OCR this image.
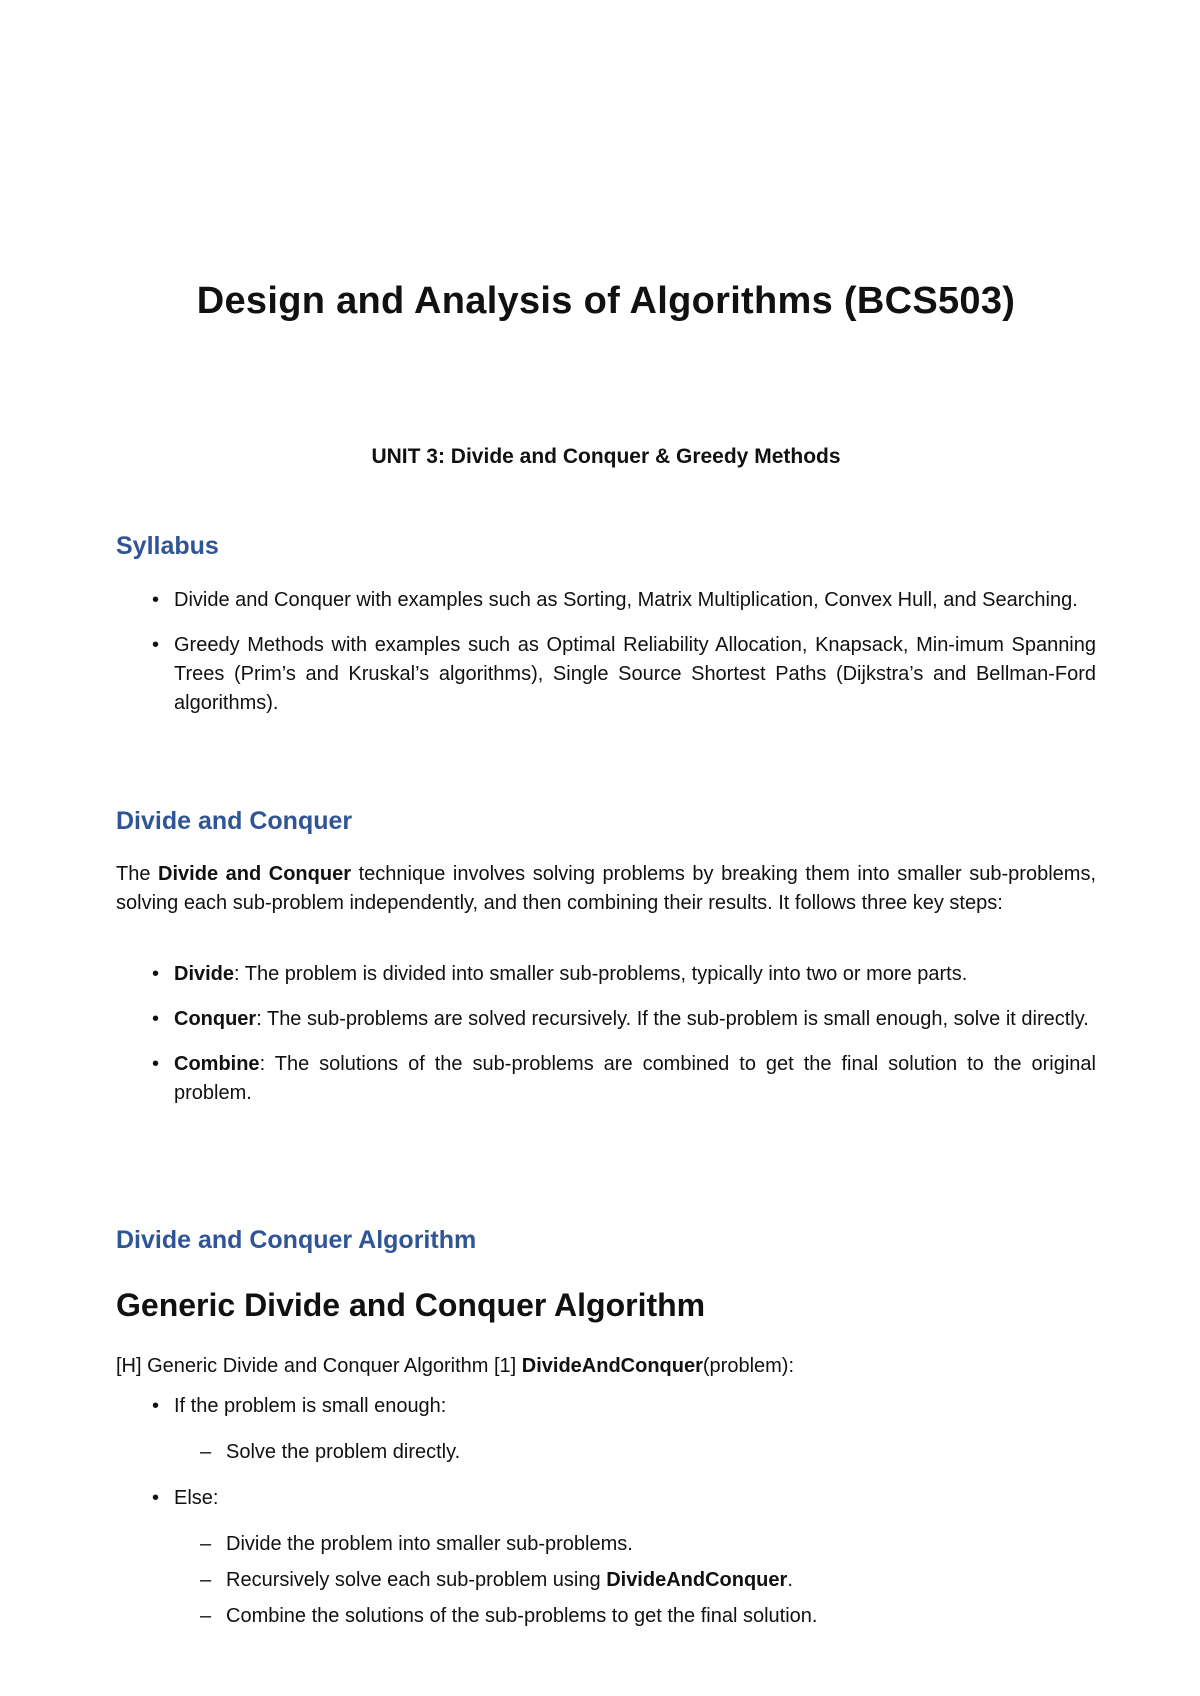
Design and Analysis of Algorithms (BCS503)
UNIT 3: Divide and Conquer & Greedy Methods
Syllabus
• Divide and Conquer with examples such as Sorting, Matrix Multiplication, Convex Hull, and Searching.
• Greedy Methods with examples such as Optimal Reliability Allocation, Knapsack, Min-imum Spanning Trees (Prim’s and Kruskal’s algorithms), Single Source Shortest Paths (Dijkstra’s and Bellman-Ford algorithms).
Divide and Conquer

The Divide and Conquer technique involves solving problems by breaking them into smaller sub-problems, solving each sub-problem independently, and then combining their results. It follows three key steps:

• Divide: The problem is divided into smaller sub-problems, typically into two or more parts.
• Conquer: The sub-problems are solved recursively. If the sub-problem is small enough, solve it directly.
• Combine: The solutions of the sub-problems are combined to get the final solution to the original problem.
Divide and Conquer Algorithm
Generic Divide and Conquer Algorithm

[H] Generic Divide and Conquer Algorithm [1] DivideAndConquer(problem):

• If the problem is small enough:
– Solve the problem directly.
• Else:
– Divide the problem into smaller sub-problems.
– Recursively solve each sub-problem using DivideAndConquer.
– Combine the solutions of the sub-problems to get the final solution.
